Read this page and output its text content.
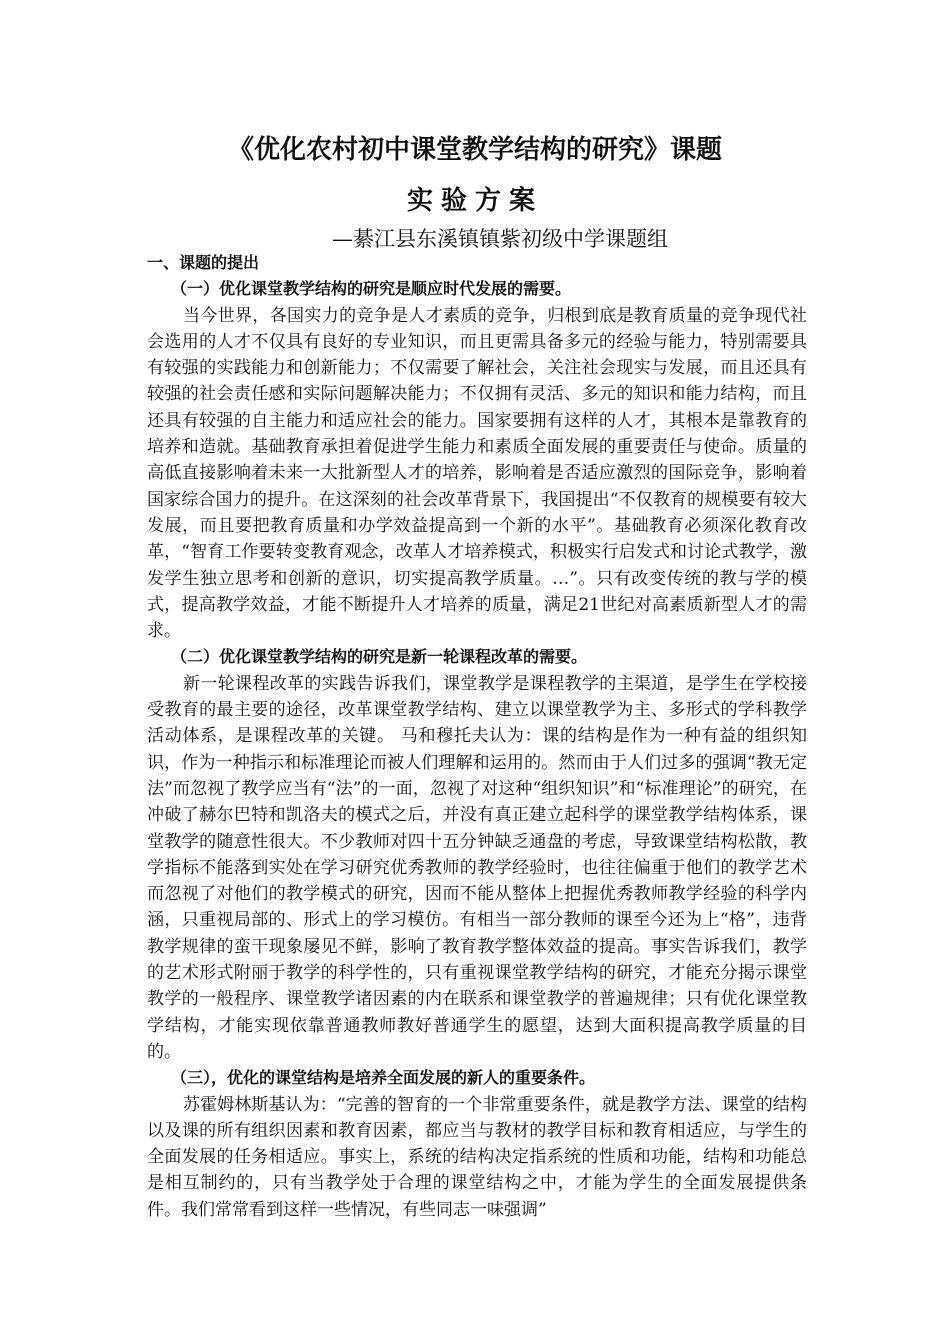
《优化农村初中课堂教学结构的研究》课题
实验方案
—綦江县东溪镇镇紫初级中学课题组

一、课题的提出

（一）优化课堂教学结构的研究是顺应时代发展的需要。

当今世界，各国实力的竞争是人才素质的竞争，归根到底是教育质量的竞争现代社会选用的人才不仅具有良好的专业知识，而且更需具备多元的经验与能力，特别需要具有较强的实践能力和创新能力；不仅需要了解社会，关注社会现实与发展，而且还具有较强的社会责任感和实际问题解决能力；不仅拥有灵活、多元的知识和能力结构，而且还具有较强的自主能力和适应社会的能力。国家要拥有这样的人才，其根本是靠教育的培养和造就。基础教育承担着促进学生能力和素质全面发展的重要责任与使命。质量的高低直接影响着未来一大批新型人才的培养，影响着是否适应激烈的国际竞争，影响着国家综合国力的提升。在这深刻的社会改革背景下，我国提出“不仅教育的规模要有较大发展，而且要把教育质量和办学效益提高到一个新的水平”。基础教育必须深化教育改革，“智育工作要转变教育观念，改革人才培养模式，积极实行启发式和讨论式教学，激发学生独立思考和创新的意识，切实提高教学质量。…”。只有改变传统的教与学的模式，提高教学效益，才能不断提升人才培养的质量，满足21世纪对高素质新型人才的需求。

（二）优化课堂教学结构的研究是新一轮课程改革的需要。

新一轮课程改革的实践告诉我们，课堂教学是课程教学的主渠道，是学生在学校接受教育的最主要的途径，改革课堂教学结构、建立以课堂教学为主、多形式的学科教学活动体系，是课程改革的关键。 马和穆托夫认为：课的结构是作为一种有益的组织知识，作为一种指示和标准理论而被人们理解和运用的。然而由于人们过多的强调“教无定法”而忽视了教学应当有“法”的一面，忽视了对这种“组织知识”和“标准理论”的研究，在冲破了赫尔巴特和凯洛夫的模式之后，并没有真正建立起科学的课堂教学结构体系，课堂教学的随意性很大。不少教师对四十五分钟缺乏通盘的考虑，导致课堂结构松散，教学指标不能落到实处在学习研究优秀教师的教学经验时，也往往偏重于他们的教学艺术而忽视了对他们的教学模式的研究，因而不能从整体上把握优秀教师教学经验的科学内涵，只重视局部的、形式上的学习模仿。有相当一部分教师的课至今还为上“格”，违背教学规律的蛮干现象屡见不鲜，影响了教育教学整体效益的提高。事实告诉我们，教学的艺术形式附丽于教学的科学性的，只有重视课堂教学结构的研究，才能充分揭示课堂教学的一般程序、课堂教学诸因素的内在联系和课堂教学的普遍规律；只有优化课堂教学结构，才能实现依靠普通教师教好普通学生的愿望，达到大面积提高教学质量的目的。

（三），优化的课堂结构是培养全面发展的新人的重要条件。

苏霍姆林斯基认为：“完善的智育的一个非常重要条件，就是教学方法、课堂的结构以及课的所有组织因素和教育因素，都应当与教材的教学目标和教育相适应，与学生的全面发展的任务相适应。事实上，系统的结构决定指系统的性质和功能，结构和功能总是相互制约的，只有当教学处于合理的课堂结构之中，才能为学生的全面发展提供条件。我们常常看到这样一些情况，有些同志一味强调”
